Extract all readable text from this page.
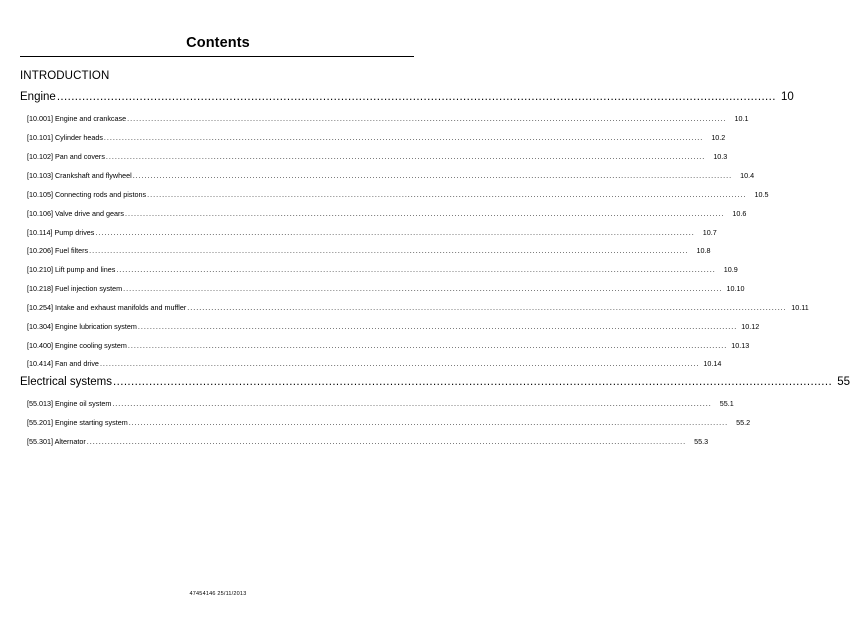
Contents
INTRODUCTION
Engine ........................................................................................................................................................................................................ 10
[10.001] Engine and crankcase ........................................................................................................................................................................................................	10.1
[10.101] Cylinder heads ........................................................................................................................................................................................................	10.2
[10.102] Pan and covers ........................................................................................................................................................................................................	10.3
[10.103] Crankshaft and flywheel ........................................................................................................................................................................................................	10.4
[10.105] Connecting rods and pistons ........................................................................................................................................................................................................	10.5
[10.106] Valve drive and gears ........................................................................................................................................................................................................	10.6
[10.114] Pump drives ........................................................................................................................................................................................................	10.7
[10.206] Fuel filters ........................................................................................................................................................................................................	10.8
[10.210] Lift pump and lines ........................................................................................................................................................................................................	10.9
[10.218] Fuel injection system ........................................................................................................................................................................................................ 10.10
[10.254] Intake and exhaust manifolds and muffler ........................................................................................................................................................................................................ 10.11
[10.304] Engine lubrication system ........................................................................................................................................................................................................ 10.12
[10.400] Engine cooling system ........................................................................................................................................................................................................ 10.13
[10.414] Fan and drive ........................................................................................................................................................................................................ 10.14
Electrical systems ........................................................................................................................................................................................................ 55
[55.013] Engine oil system ........................................................................................................................................................................................................	55.1
[55.201] Engine starting system ........................................................................................................................................................................................................	55.2
[55.301] Alternator ........................................................................................................................................................................................................	55.3
47454146 25/11/2013
